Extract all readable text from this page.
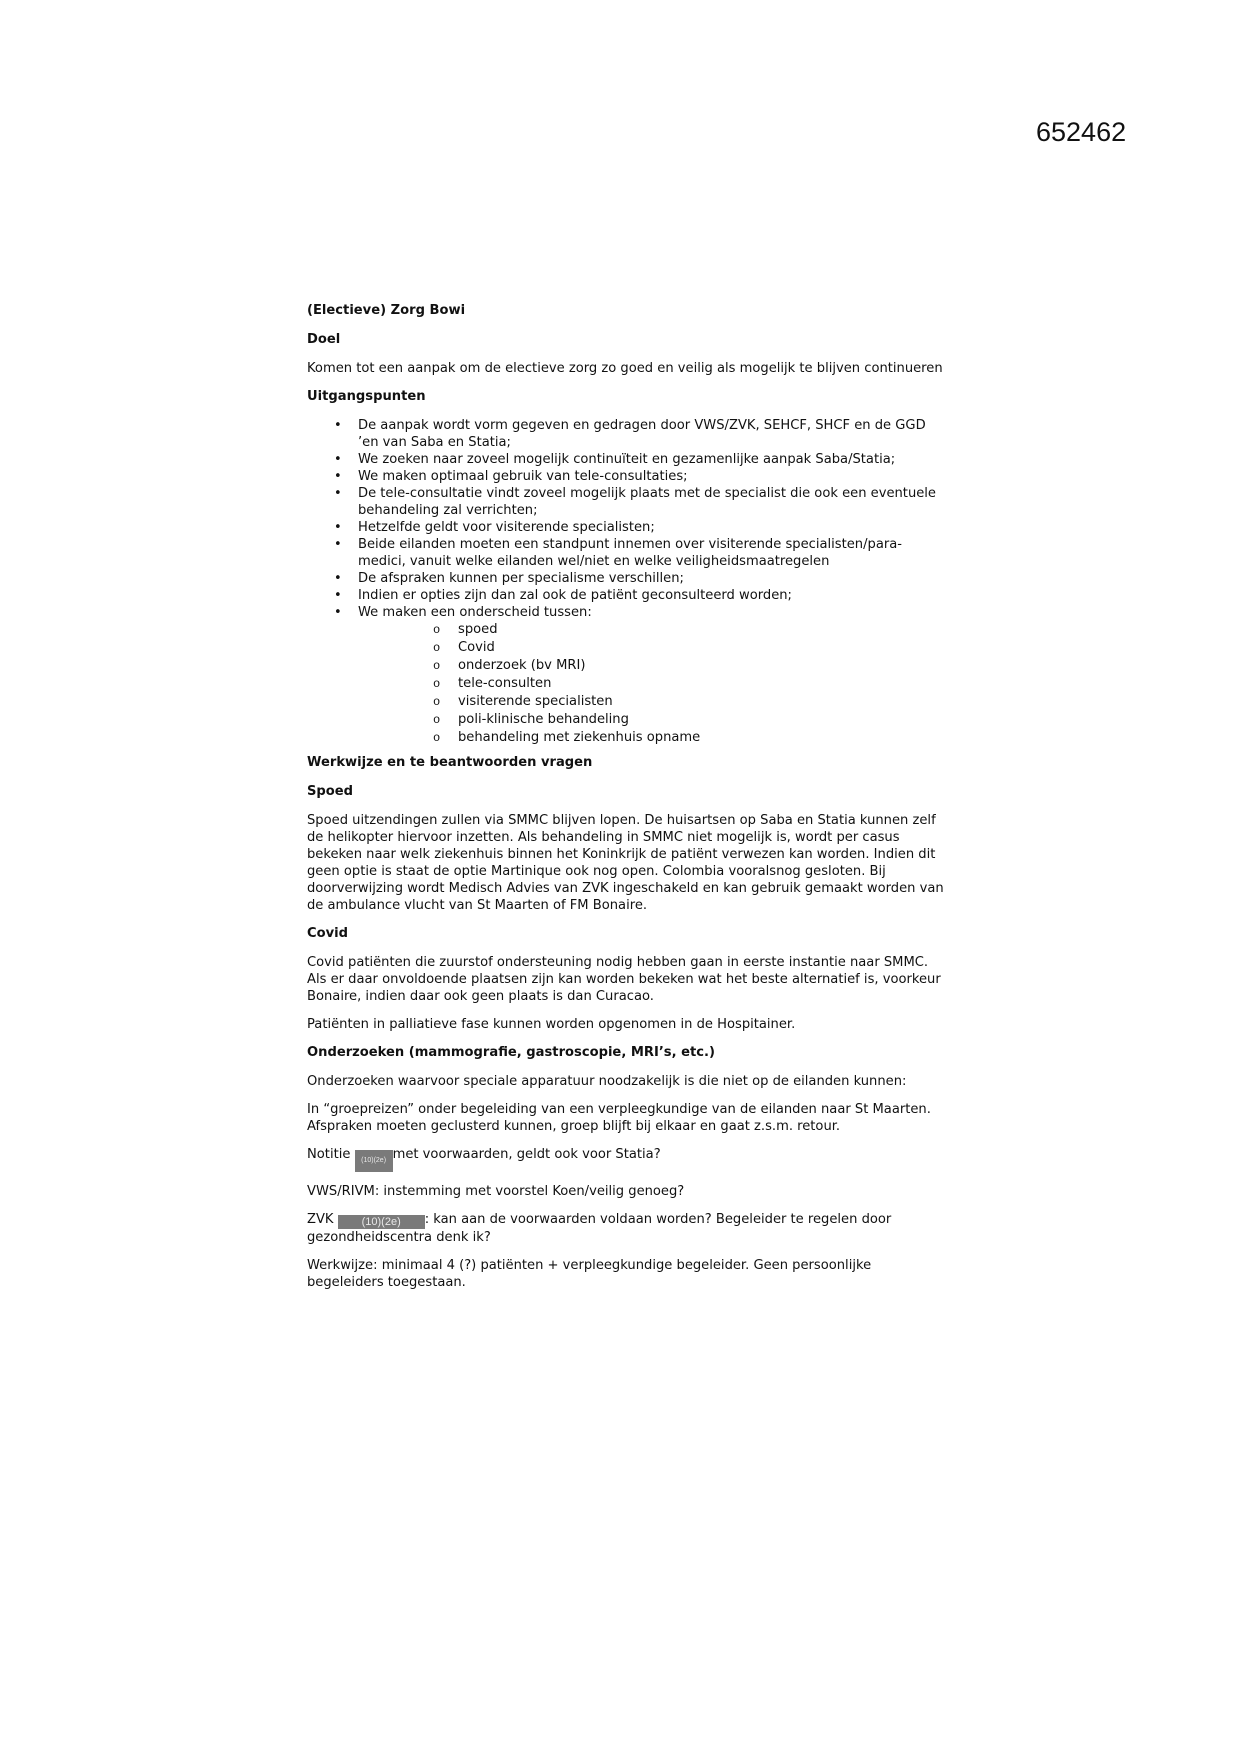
652462
(Electieve) Zorg Bowi
Doel
Komen tot een aanpak om de electieve zorg zo goed en veilig als mogelijk te blijven continueren
Uitgangspunten
• De aanpak wordt vorm gegeven en gedragen door VWS/ZVK, SEHCF, SHCF en de GGD ’en van Saba en Statia;
• We zoeken naar zoveel mogelijk continuïteit en gezamenlijke aanpak Saba/Statia;
• We maken optimaal gebruik van tele-consultaties;
• De tele-consultatie vindt zoveel mogelijk plaats met de specialist die ook een eventuele behandeling zal verrichten;
• Hetzelfde geldt voor visiterende specialisten;
• Beide eilanden moeten een standpunt innemen over visiterende specialisten/para-medici, vanuit welke eilanden wel/niet en welke veiligheidsmaatregelen
• De afspraken kunnen per specialisme verschillen;
• Indien er opties zijn dan zal ook de patiënt geconsulteerd worden;
• We maken een onderscheid tussen:
o spoed
o Covid
o onderzoek (bv MRI)
o tele-consulten
o visiterende specialisten
o poli-klinische behandeling
o behandeling met ziekenhuis opname
Werkwijze en te beantwoorden vragen
Spoed
Spoed uitzendingen zullen via SMMC blijven lopen. De huisartsen op Saba en Statia kunnen zelf de helikopter hiervoor inzetten. Als behandeling in SMMC niet mogelijk is, wordt per casus bekeken naar welk ziekenhuis binnen het Koninkrijk de patiënt verwezen kan worden. Indien dit geen optie is staat de optie Martinique ook nog open. Colombia vooralsnog gesloten. Bij doorverwijzing wordt Medisch Advies van ZVK ingeschakeld en kan gebruik gemaakt worden van de ambulance vlucht van St Maarten of FM Bonaire.
Covid
Covid patiënten die zuurstof ondersteuning nodig hebben gaan in eerste instantie naar SMMC. Als er daar onvoldoende plaatsen zijn kan worden bekeken wat het beste alternatief is, voorkeur Bonaire, indien daar ook geen plaats is dan Curacao.
Patiënten in palliatieve fase kunnen worden opgenomen in de Hospitainer.
Onderzoeken (mammografie, gastroscopie, MRI’s, etc.)
Onderzoeken waarvoor speciale apparatuur noodzakelijk is die niet op de eilanden kunnen:
In “groepreizen” onder begeleiding van een verpleegkundige van de eilanden naar St Maarten. Afspraken moeten geclusterd kunnen, groep blijft bij elkaar en gaat z.s.m. retour.
Notitie (10)(2e) met voorwaarden, geldt ook voor Statia?
VWS/RIVM: instemming met voorstel Koen/veilig genoeg?
ZVK (10)(2e) : kan aan de voorwaarden voldaan worden? Begeleider te regelen door gezondheidscentra denk ik?
Werkwijze: minimaal 4 (?) patiënten + verpleegkundige begeleider. Geen persoonlijke begeleiders toegestaan.
